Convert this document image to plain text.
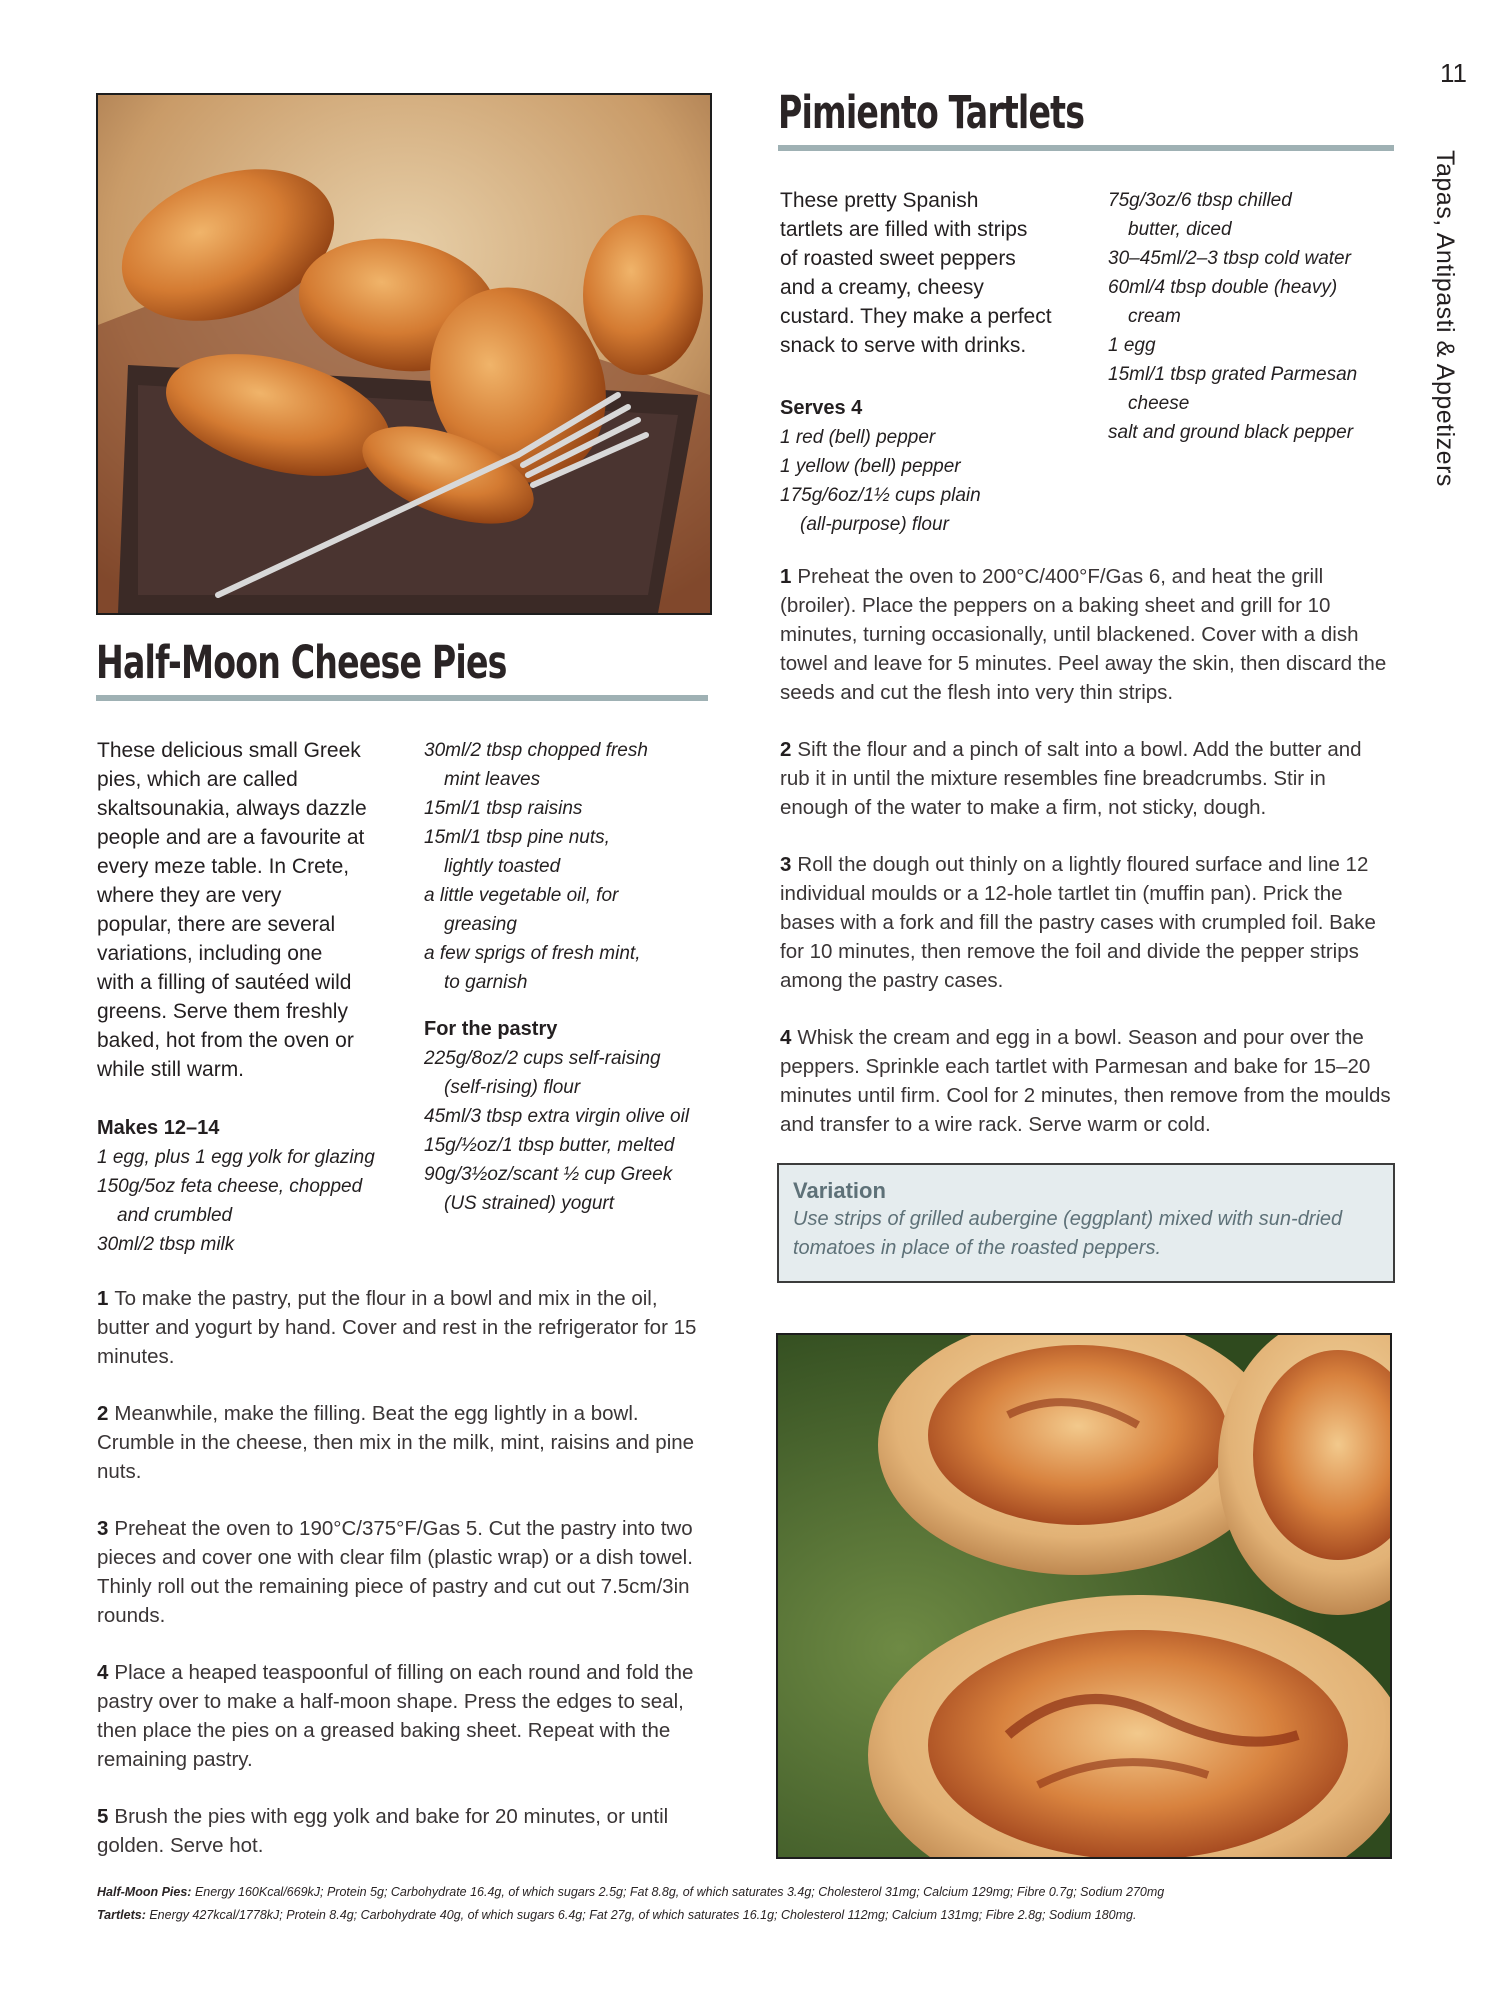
11
Tapas, Antipasti & Appetizers
Half-Moon Cheese Pies
These delicious small Greek
pies, which are called
skaltsounakia, always dazzle
people and are a favourite at
every meze table. In Crete,
where they are very
popular, there are several
variations, including one
with a filling of sautéed wild
greens. Serve them freshly
baked, hot from the oven or
while still warm.
Makes 12–14
1 egg, plus 1 egg yolk for glazing
150g/5oz feta cheese, chopped
and crumbled
30ml/2 tbsp milk
30ml/2 tbsp chopped fresh
mint leaves
15ml/1 tbsp raisins
15ml/1 tbsp pine nuts,
lightly toasted
a little vegetable oil, for
greasing
a few sprigs of fresh mint,
to garnish
For the pastry
225g/8oz/2 cups self-raising
(self-rising) flour
45ml/3 tbsp extra virgin olive oil
15g/½oz/1 tbsp butter, melted
90g/3½oz/scant ½ cup Greek
(US strained) yogurt

1 To make the pastry, put the flour in a bowl and mix in the oil, butter and yogurt by hand. Cover and rest in the refrigerator for 15 minutes.

2 Meanwhile, make the filling. Beat the egg lightly in a bowl. Crumble in the cheese, then mix in the milk, mint, raisins and pine nuts.

3 Preheat the oven to 190°C/375°F/Gas 5. Cut the pastry into two pieces and cover one with clear film (plastic wrap) or a dish towel. Thinly roll out the remaining piece of pastry and cut out 7.5cm/3in rounds.

4 Place a heaped teaspoonful of filling on each round and fold the pastry over to make a half-moon shape. Press the edges to seal, then place the pies on a greased baking sheet. Repeat with the remaining pastry.

5 Brush the pies with egg yolk and bake for 20 minutes, or until golden. Serve hot.

Pimiento Tartlets
These pretty Spanish
tartlets are filled with strips
of roasted sweet peppers
and a creamy, cheesy
custard. They make a perfect
snack to serve with drinks.
Serves 4
1 red (bell) pepper
1 yellow (bell) pepper
175g/6oz/1½ cups plain
(all-purpose) flour
75g/3oz/6 tbsp chilled
butter, diced
30–45ml/2–3 tbsp cold water
60ml/4 tbsp double (heavy)
cream
1 egg
15ml/1 tbsp grated Parmesan
cheese
salt and ground black pepper

1 Preheat the oven to 200°C/400°F/Gas 6, and heat the grill (broiler). Place the peppers on a baking sheet and grill for 10 minutes, turning occasionally, until blackened. Cover with a dish towel and leave for 5 minutes. Peel away the skin, then discard the seeds and cut the flesh into very thin strips.

2 Sift the flour and a pinch of salt into a bowl. Add the butter and rub it in until the mixture resembles fine breadcrumbs. Stir in enough of the water to make a firm, not sticky, dough.

3 Roll the dough out thinly on a lightly floured surface and line 12 individual moulds or a 12-hole tartlet tin (muffin pan). Prick the bases with a fork and fill the pastry cases with crumpled foil. Bake for 10 minutes, then remove the foil and divide the pepper strips among the pastry cases.

4 Whisk the cream and egg in a bowl. Season and pour over the peppers. Sprinkle each tartlet with Parmesan and bake for 15–20 minutes until firm. Cool for 2 minutes, then remove from the moulds and transfer to a wire rack. Serve warm or cold.

Variation
Use strips of grilled aubergine (eggplant) mixed with sun-dried tomatoes in place of the roasted peppers.
Half-Moon Pies: Energy 160Kcal/669kJ; Protein 5g; Carbohydrate 16.4g, of which sugars 2.5g; Fat 8.8g, of which saturates 3.4g; Cholesterol 31mg; Calcium 129mg; Fibre 0.7g; Sodium 270mg
Tartlets: Energy 427kcal/1778kJ; Protein 8.4g; Carbohydrate 40g, of which sugars 6.4g; Fat 27g, of which saturates 16.1g; Cholesterol 112mg; Calcium 131mg; Fibre 2.8g; Sodium 180mg.
